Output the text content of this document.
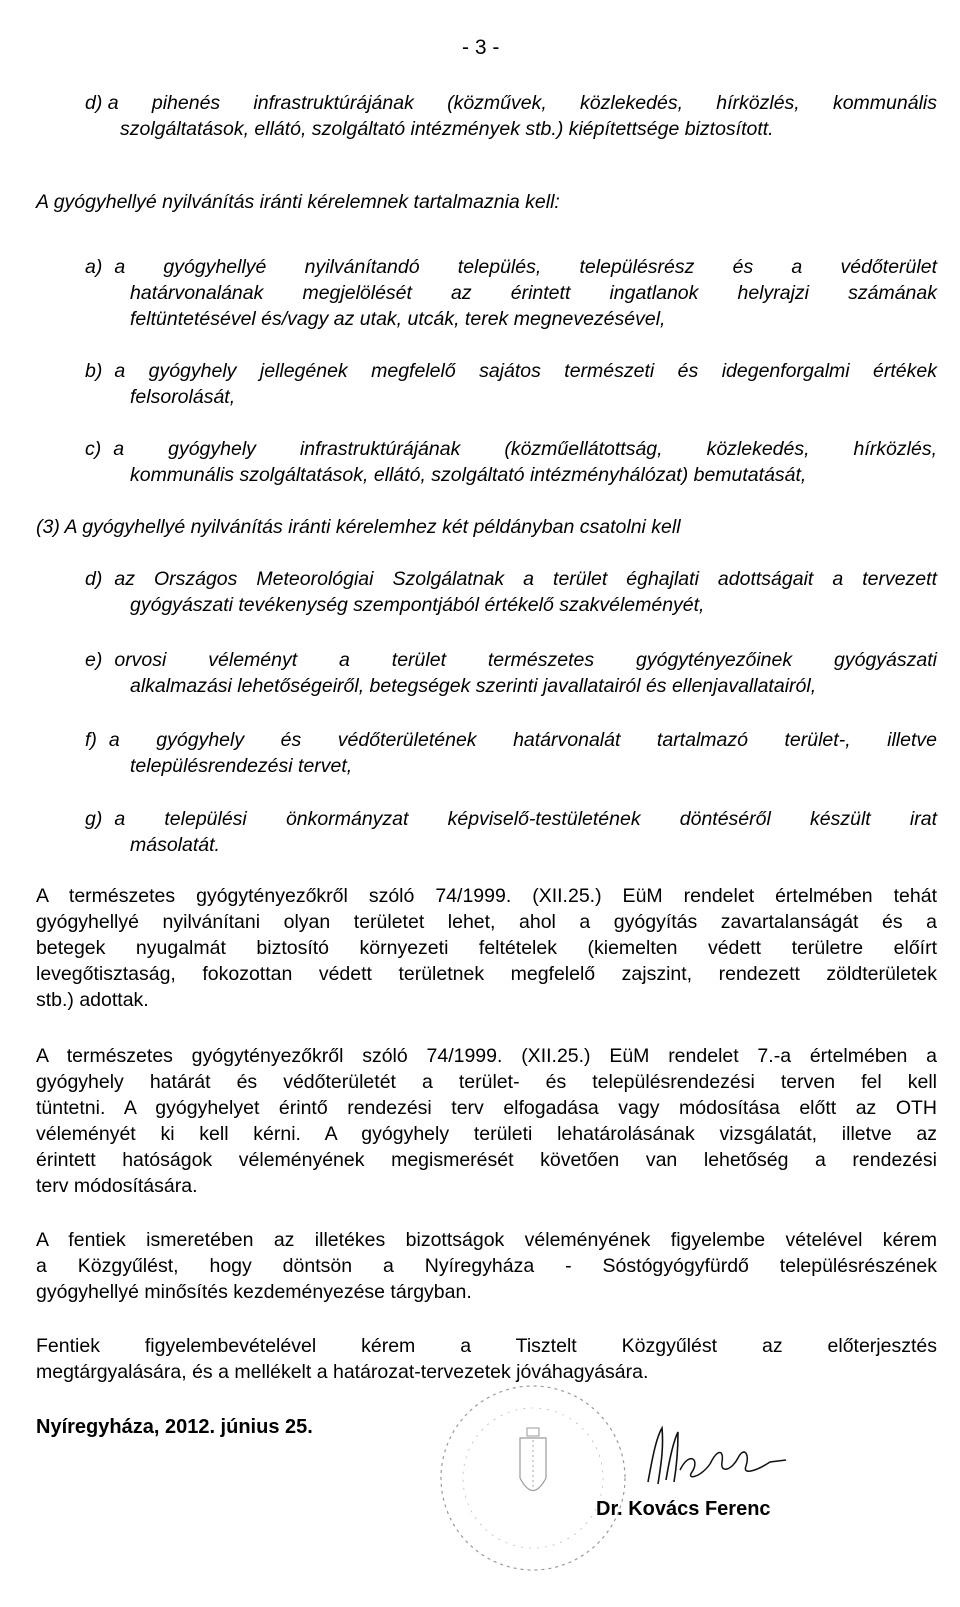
- 3 -
d)
a pihenés infrastruktúrájának (közművek, közlekedés, hírközlés, kommunális
szolgáltatások, ellátó, szolgáltató intézmények stb.) kiépítettsége biztosított.
A gyógyhellyé nyilvánítás iránti kérelemnek tartalmaznia kell:
a) a gyógyhellyé nyilvánítandó település, településrész és a védőterület
határvonalának megjelölését az érintett ingatlanok helyrajzi számának
feltüntetésével és/vagy az utak, utcák, terek megnevezésével,
b) a gyógyhely jellegének megfelelő sajátos természeti és idegenforgalmi értékek
felsorolását,
c) a gyógyhely infrastruktúrájának (közműellátottság, közlekedés, hírközlés,
kommunális szolgáltatások, ellátó, szolgáltató intézményhálózat) bemutatását,
(3) A gyógyhellyé nyilvánítás iránti kérelemhez két példányban csatolni kell
d) az Országos Meteorológiai Szolgálatnak a terület éghajlati adottságait a tervezett
gyógyászati tevékenység szempontjából értékelő szakvéleményét,
e) orvosi véleményt a terület természetes gyógytényezőinek gyógyászati
alkalmazási lehetőségeiről, betegségek szerinti javallatairól és ellenjavallatairól,
f) a gyógyhely és védőterületének határvonalát tartalmazó terület-, illetve
településrendezési tervet,
g) a települési önkormányzat képviselő-testületének döntéséről készült irat
másolatát.
A természetes gyógytényezőkről szóló 74/1999. (XII.25.) EüM rendelet értelmében tehát
gyógyhellyé nyilvánítani olyan területet lehet, ahol a gyógyítás zavartalanságát és a
betegek nyugalmát biztosító környezeti feltételek (kiemelten védett területre előírt
levegőtisztaság, fokozottan védett területnek megfelelő zajszint, rendezett zöldterületek
stb.) adottak.
A természetes gyógytényezőkről szóló 74/1999. (XII.25.) EüM rendelet 7.-a értelmében a
gyógyhely határát és védőterületét a terület- és településrendezési terven fel kell
tüntetni. A gyógyhelyet érintő rendezési terv elfogadása vagy módosítása előtt az OTH
véleményét ki kell kérni. A gyógyhely területi lehatárolásának vizsgálatát, illetve az
érintett hatóságok véleményének megismerését követően van lehetőség a rendezési
terv módosítására.
A fentiek ismeretében az illetékes bizottságok véleményének figyelembe vételével kérem
a Közgyűlést, hogy döntsön a Nyíregyháza - Sóstógyógyfürdő településrészének
gyógyhellyé minősítés kezdeményezése tárgyban.
Fentiek figyelembevételével kérem a Tisztelt Közgyűlést az előterjesztés
megtárgyalására, és a mellékelt a határozat-tervezetek jóváhagyására.
Nyíregyháza, 2012. június 25.
Dr. Kovács Ferenc
